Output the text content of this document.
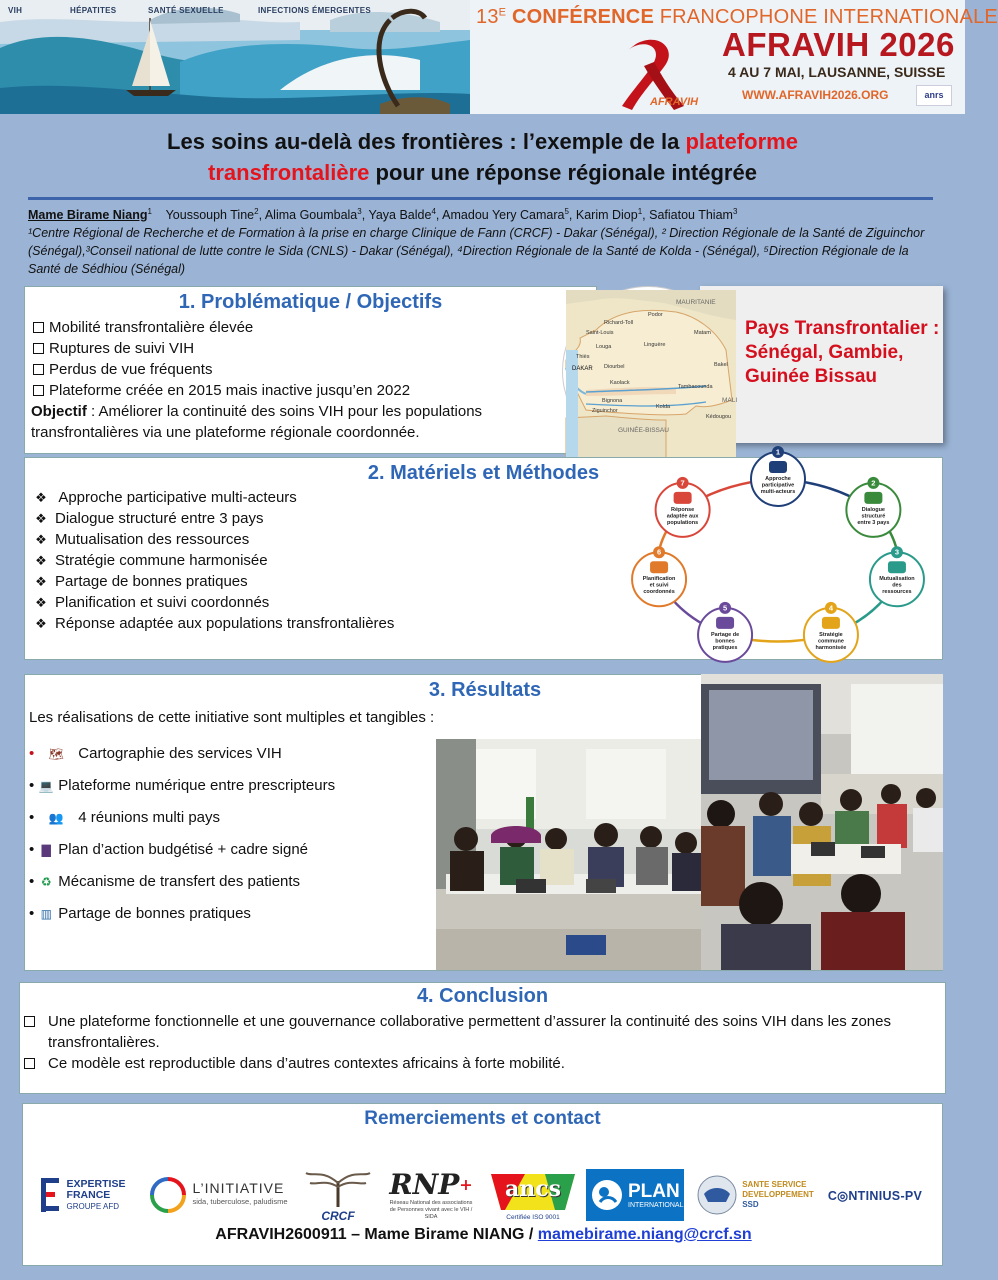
VIH	HÉPATITES	SANTÉ SEXUELLE	INFECTIONS ÉMERGENTES	$13^E$ CONFÉRENCE FRANCOPHONE INTERNATIONALE
AFRAVIH
AFRAVIH 2026
4 AU 7 MAI, LAUSANNE, SUISSE
WWW.AFRAVIH2026.ORG	anrs
Les soins au-delà des frontières : l’exemple de la plateforme
transfrontalière pour une réponse régionale intégrée
Mame Birame Niang$^1$ Youssouph Tine$^2$, Alima Goumbala$^3$, Yaya Balde$^4$, Amadou Yery Camara$^5$, Karim Diop$^1$, Safiatou Thiam$^3$
¹Centre Régional de Recherche et de Formation à la prise en charge Clinique de Fann (CRCF) - Dakar (Sénégal), ² Direction Régionale de la Santé de Ziguinchor (Sénégal),³Conseil national de lutte contre le Sida (CNLS) - Dakar (Sénégal), ⁴Direction Régionale de la Santé de Kolda - (Sénégal), ⁵Direction Régionale de la Santé de Sédhiou (Sénégal)
1. Problématique / Objectifs
Mobilité transfrontalière élevée
Ruptures de suivi VIH
Perdus de vue fréquents
Plateforme créée en 2015 mais inactive jusqu’en 2022
Objectif : Améliorer la continuité des soins VIH pour les populations transfrontalières via une plateforme régionale coordonnée.
Pays Transfrontalier : Sénégal, Gambie, Guinée Bissau
MAURITANIE
Richard-Toll
Podor
Saint-Louis
Louga	Linguère
Thiès
DAKAR Diourbel
Kaolack
Tambacounda
Kolda
Ziguinchor
Bignona
Kédougou
GUINÉE-BISSAU
Matam
Bakel
MALI
2. Matériels et Méthodes
❖ Approche participative multi-acteurs
❖ Dialogue structuré entre 3 pays
❖ Mutualisation des ressources
❖ Stratégie commune harmonisée
❖ Partage de bonnes pratiques
❖ Planification et suivi coordonnés
❖ Réponse adaptée aux populations transfrontalières
1
Approche
participative
multi-acteurs
2
Dialogue
structuré
entre 3 pays
3
Mutualisation
des
ressources
4
Stratégie
commune
harmonisée
5
Partage de
bonnes
pratiques
6
Planification
et suivi
coordonnés
7
Réponse
adaptée aux
populations
3. Résultats
Les réalisations de cette initiative sont multiples et tangibles :
• 🗺 Cartographie des services VIH
• 💻 Plateforme numérique entre prescripteurs
• 👥 4 réunions multi pays
• ▇ Plan d’action budgétisé + cadre signé
• ♻ Mécanisme de transfert des patients
• ▥ Partage de bonnes pratiques
4. Conclusion
Une plateforme fonctionnelle et une gouvernance collaborative permettent d’assurer la continuité des soins VIH dans les zones transfrontalières.
Ce modèle est reproductible dans d’autres contextes africains à forte mobilité.
Remerciements et contact
EXPERTISE
FRANCE
GROUPE AFD
L’INITIATIVE
sida, tuberculose, paludisme
CRCF
RNP+
Réseau National des associations de Personnes vivant avec le VIH / SIDA
ancs
Certifiée ISO 9001
PLAN
INTERNATIONAL
SANTE SERVICE
DEVELOPPEMENT
SSD
C◎NTINIUS-PV
AFRAVIH2600911 – Mame Birame NIANG / mamebirame.niang@crcf.sn
